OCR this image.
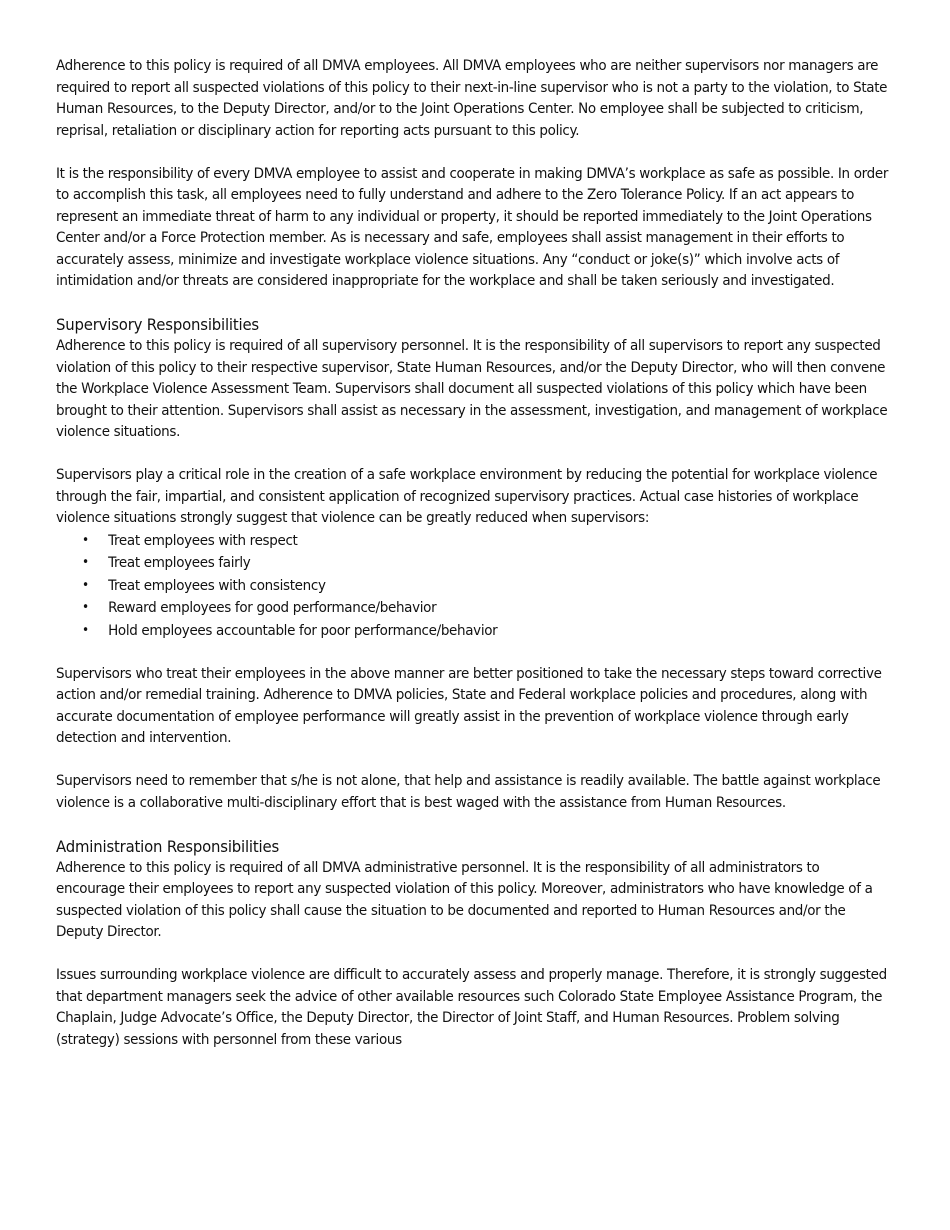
Adherence to this policy is required of all DMVA employees. All DMVA employees who are neither supervisors nor managers are required to report all suspected violations of this policy to their next-in-line supervisor who is not a party to the violation, to State Human Resources, to the Deputy Director, and/or to the Joint Operations Center. No employee shall be subjected to criticism, reprisal, retaliation or disciplinary action for reporting acts pursuant to this policy.

It is the responsibility of every DMVA employee to assist and cooperate in making DMVA’s workplace as safe as possible. In order to accomplish this task, all employees need to fully understand and adhere to the Zero Tolerance Policy. If an act appears to represent an immediate threat of harm to any individual or property, it should be reported immediately to the Joint Operations Center and/or a Force Protection member. As is necessary and safe, employees shall assist management in their efforts to accurately assess, minimize and investigate workplace violence situations. Any “conduct or joke(s)” which involve acts of intimidation and/or threats are considered inappropriate for the workplace and shall be taken seriously and investigated.

Supervisory Responsibilities

Adherence to this policy is required of all supervisory personnel. It is the responsibility of all supervisors to report any suspected violation of this policy to their respective supervisor, State Human Resources, and/or the Deputy Director, who will then convene the Workplace Violence Assessment Team. Supervisors shall document all suspected violations of this policy which have been brought to their attention. Supervisors shall assist as necessary in the assessment, investigation, and management of workplace violence situations.

Supervisors play a critical role in the creation of a safe workplace environment by reducing the potential for workplace violence through the fair, impartial, and consistent application of recognized supervisory practices. Actual case histories of workplace violence situations strongly suggest that violence can be greatly reduced when supervisors:

• Treat employees with respect
• Treat employees fairly
• Treat employees with consistency
• Reward employees for good performance/behavior
• Hold employees accountable for poor performance/behavior

Supervisors who treat their employees in the above manner are better positioned to take the necessary steps toward corrective action and/or remedial training. Adherence to DMVA policies, State and Federal workplace policies and procedures, along with accurate documentation of employee performance will greatly assist in the prevention of workplace violence through early detection and intervention.

Supervisors need to remember that s/he is not alone, that help and assistance is readily available. The battle against workplace violence is a collaborative multi-disciplinary effort that is best waged with the assistance from Human Resources.

Administration Responsibilities

Adherence to this policy is required of all DMVA administrative personnel. It is the responsibility of all administrators to encourage their employees to report any suspected violation of this policy. Moreover, administrators who have knowledge of a suspected violation of this policy shall cause the situation to be documented and reported to Human Resources and/or the Deputy Director.

Issues surrounding workplace violence are difficult to accurately assess and properly manage. Therefore, it is strongly suggested that department managers seek the advice of other available resources such Colorado State Employee Assistance Program, the Chaplain, Judge Advocate’s Office, the Deputy Director, the Director of Joint Staff, and Human Resources. Problem solving (strategy) sessions with personnel from these various
